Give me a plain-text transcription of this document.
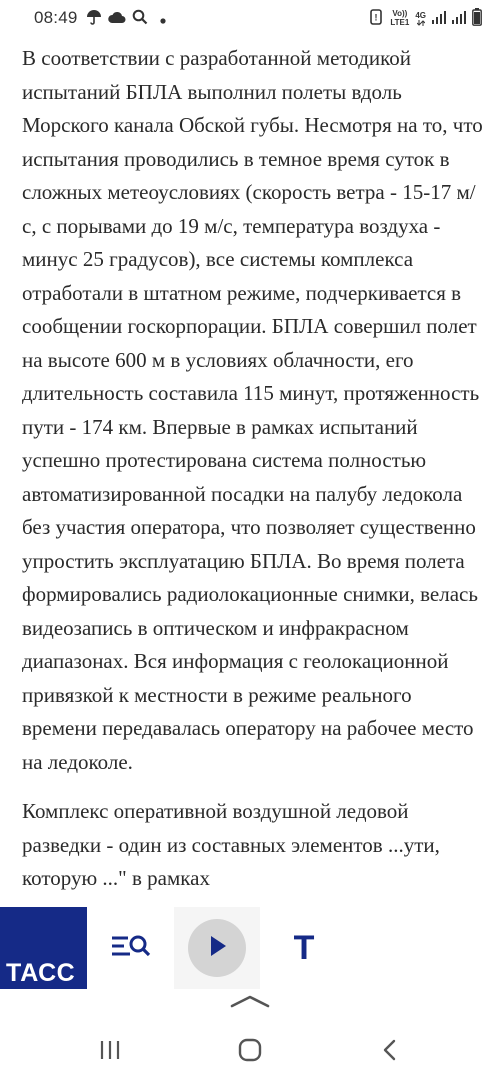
08:49	! Vo))
LTE1
4G

В соответствии с разработанной методикой испытаний БПЛА выполнил полеты вдоль Морского канала Обской губы. Несмотря на то, что испытания проводились в темное время суток в сложных метеоусловиях (скорость ветра - 15-17 м/с, с порывами до 19 м/с, температура воздуха - минус 25 градусов), все системы комплекса отработали в штатном режиме, подчеркивается в сообщении госкорпорации. БПЛА совершил полет на высоте 600 м в условиях облачности, его длительность составила 115 минут, протяженность пути - 174 км. Впервые в рамках испытаний успешно протестирована система полностью автоматизированной посадки на палубу ледокола без участия оператора, что позволяет существенно упростить эксплуатацию БПЛА. Во время полета формировались радиолокационные снимки, велась видеозапись в оптическом и инфракрасном диапазонах. Вся информация с геолокационной привязкой к местности в режиме реального времени передавалась оператору на рабочее место на ледоколе.

Комплекс оперативной воздушной ледовой разведки - один из составных элементов ...ути, которую ..." в рамках

ТАСС
Т
